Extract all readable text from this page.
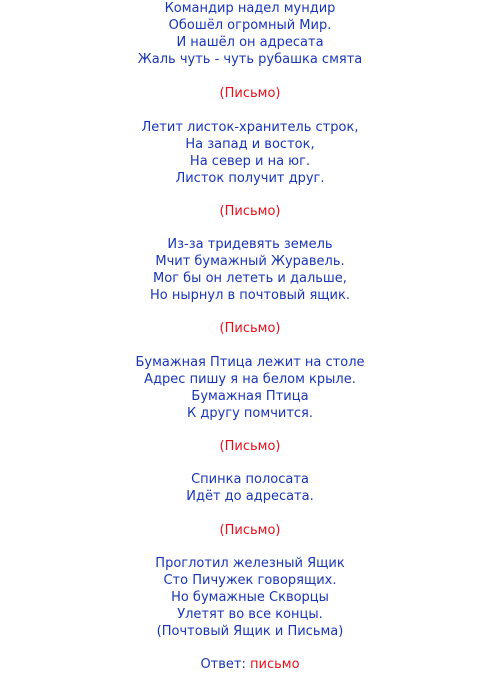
Командир надел мундир
Обошёл огромный Мир.
И нашёл он адресата
Жаль чуть - чуть рубашка смята
(Письмо)
Летит листок-хранитель строк,
На запад и восток,
На север и на юг.
Листок получит друг.
(Письмо)
Из-за тридевять земель
Мчит бумажный Журавель.
Мог бы он лететь и дальше,
Но нырнул в почтовый ящик.
(Письмо)
Бумажная Птица лежит на столе
Адрес пишу я на белом крыле.
Бумажная Птица
К другу помчится.
(Письмо)
Спинка полосата
Идёт до адресата.
(Письмо)
Проглотил железный Ящик
Сто Пичужек говорящих.
Но бумажные Скворцы
Улетят во все концы.
(Почтовый Ящик и Письма)
Ответ: письмо
